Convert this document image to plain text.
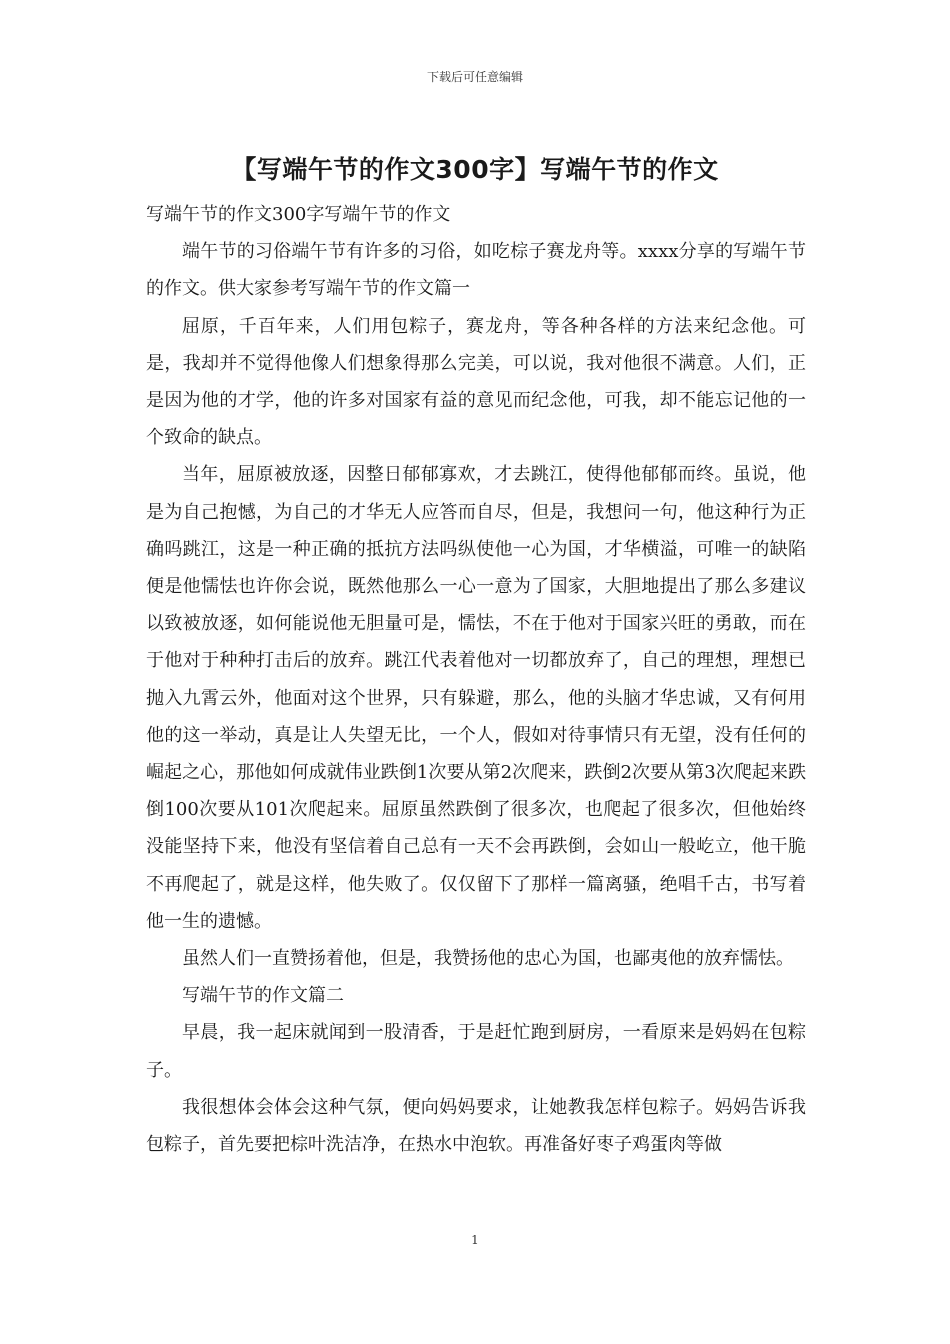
下载后可任意编辑
【写端午节的作文300字】写端午节的作文

写端午节的作文300字写端午节的作文

端午节的习俗端午节有许多的习俗，如吃棕子赛龙舟等。xxxx分享的写端午节的作文。供大家参考写端午节的作文篇一

屈原，千百年来，人们用包粽子，赛龙舟，等各种各样的方法来纪念他。可是，我却并不觉得他像人们想象得那么完美，可以说，我对他很不满意。人们，正是因为他的才学，他的许多对国家有益的意见而纪念他，可我，却不能忘记他的一个致命的缺点。

当年，屈原被放逐，因整日郁郁寡欢，才去跳江，使得他郁郁而终。虽说，他是为自己抱憾，为自己的才华无人应答而自尽，但是，我想问一句，他这种行为正确吗跳江，这是一种正确的抵抗方法吗纵使他一心为国，才华横溢，可唯一的缺陷便是他懦怯也许你会说，既然他那么一心一意为了国家，大胆地提出了那么多建议以致被放逐，如何能说他无胆量可是，懦怯，不在于他对于国家兴旺的勇敢，而在于他对于种种打击后的放弃。跳江代表着他对一切都放弃了，自己的理想，理想已抛入九霄云外，他面对这个世界，只有躲避，那么，他的头脑才华忠诚，又有何用他的这一举动，真是让人失望无比，一个人，假如对待事情只有无望，没有任何的崛起之心，那他如何成就伟业跌倒1次要从第2次爬来，跌倒2次要从第3次爬起来跌倒100次要从101次爬起来。屈原虽然跌倒了很多次，也爬起了很多次，但他始终没能坚持下来，他没有坚信着自己总有一天不会再跌倒，会如山一般屹立，他干脆不再爬起了，就是这样，他失败了。仅仅留下了那样一篇离骚，绝唱千古，书写着他一生的遗憾。

虽然人们一直赞扬着他，但是，我赞扬他的忠心为国，也鄙夷他的放弃懦怯。

写端午节的作文篇二

早晨，我一起床就闻到一股清香，于是赶忙跑到厨房，一看原来是妈妈在包粽子。

我很想体会体会这种气氛，便向妈妈要求，让她教我怎样包粽子。妈妈告诉我包粽子，首先要把棕叶洗洁净，在热水中泡软。再准备好枣子鸡蛋肉等做

1
